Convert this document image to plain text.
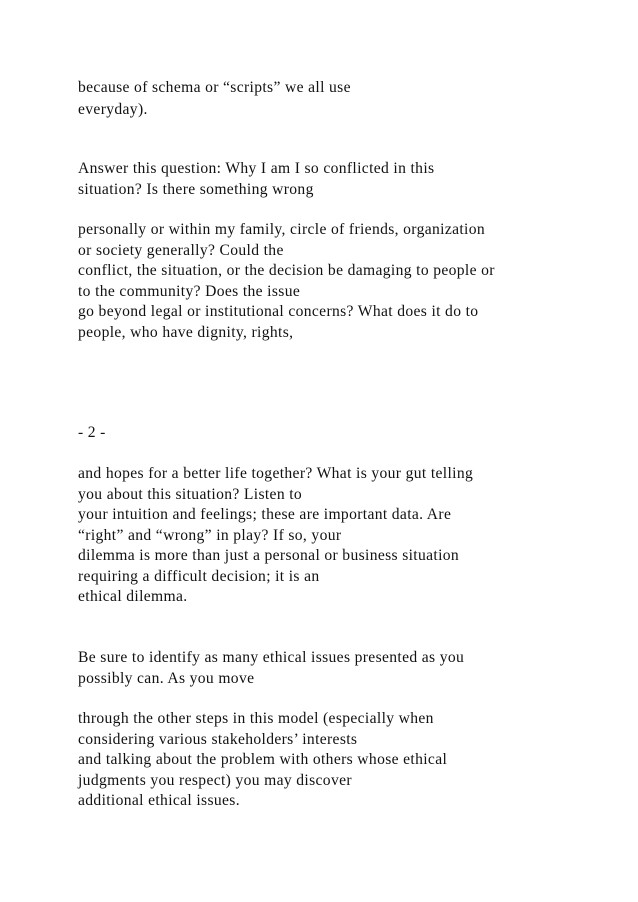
because of schema or “scripts” we all use
everyday).
Answer this question: Why I am I so conflicted in this
situation? Is there something wrong
personally or within my family, circle of friends, organization
or society generally? Could the
conflict, the situation, or the decision be damaging to people or
to the community? Does the issue
go beyond legal or institutional concerns? What does it do to
people, who have dignity, rights,
- 2 -
and hopes for a better life together? What is your gut telling
you about this situation? Listen to
your intuition and feelings; these are important data. Are
“right” and “wrong” in play? If so, your
dilemma is more than just a personal or business situation
requiring a difficult decision; it is an
ethical dilemma.
Be sure to identify as many ethical issues presented as you
possibly can. As you move
through the other steps in this model (especially when
considering various stakeholders’ interests
and talking about the problem with others whose ethical
judgments you respect) you may discover
additional ethical issues.
